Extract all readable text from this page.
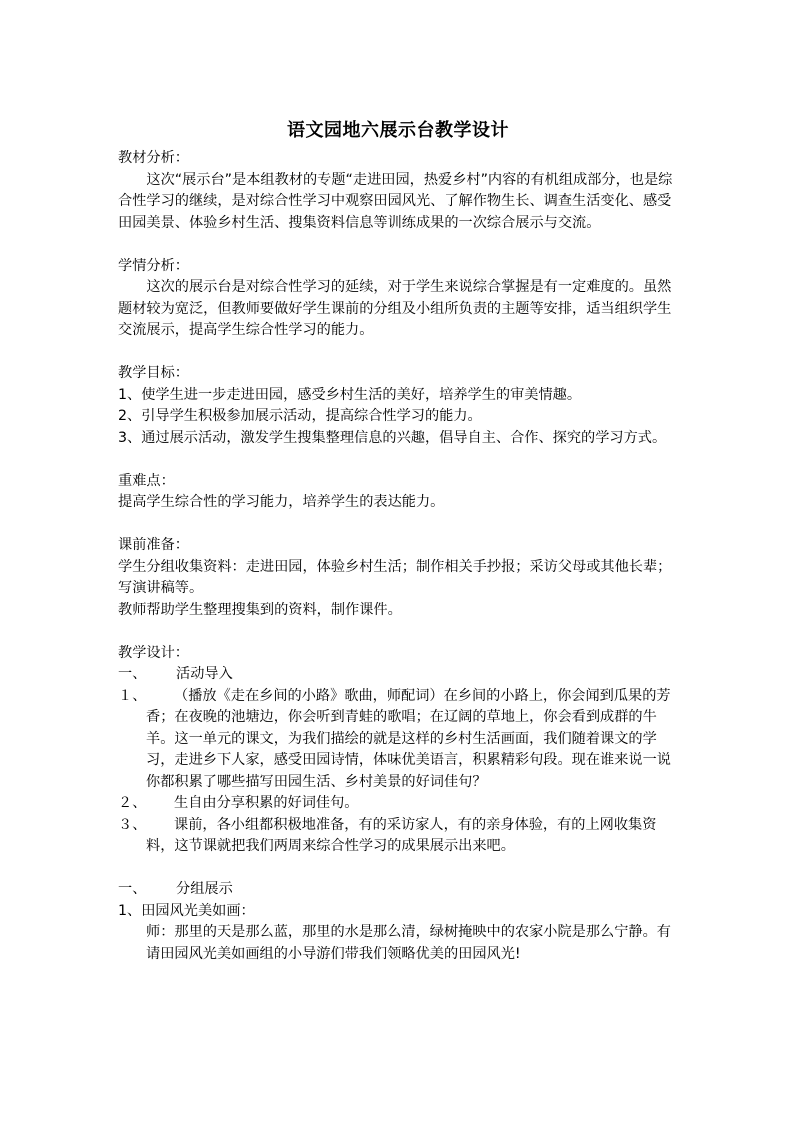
语文园地六展示台教学设计

教材分析：

这次“展示台”是本组教材的专题“走进田园，热爱乡村”内容的有机组成部分，也是综合性学习的继续，是对综合性学习中观察田园风光、了解作物生长、调查生活变化、感受田园美景、体验乡村生活、搜集资料信息等训练成果的一次综合展示与交流。

学情分析：

这次的展示台是对综合性学习的延续，对于学生来说综合掌握是有一定难度的。虽然题材较为宽泛，但教师要做好学生课前的分组及小组所负责的主题等安排，适当组织学生交流展示，提高学生综合性学习的能力。

教学目标：

1、使学生进一步走进田园，感受乡村生活的美好，培养学生的审美情趣。

2、引导学生积极参加展示活动，提高综合性学习的能力。

3、通过展示活动，激发学生搜集整理信息的兴趣，倡导自主、合作、探究的学习方式。

重难点：

提高学生综合性的学习能力，培养学生的表达能力。

课前准备：

学生分组收集资料：走进田园，体验乡村生活；制作相关手抄报；采访父母或其他长辈；写演讲稿等。

教师帮助学生整理搜集到的资料，制作课件。

教学设计：

一、 活动导入

１、 （播放《走在乡间的小路》歌曲，师配词）在乡间的小路上，你会闻到瓜果的芳香；在夜晚的池塘边，你会听到青蛙的歌唱；在辽阔的草地上，你会看到成群的牛羊。这一单元的课文，为我们描绘的就是这样的乡村生活画面，我们随着课文的学习，走进乡下人家，感受田园诗情，体味优美语言，积累精彩句段。现在谁来说一说你都积累了哪些描写田园生活、乡村美景的好词佳句？

２、 生自由分享积累的好词佳句。

３、 课前，各小组都积极地准备，有的采访家人，有的亲身体验，有的上网收集资料，这节课就把我们两周来综合性学习的成果展示出来吧。

一、 分组展示

1、田园风光美如画：

师：那里的天是那么蓝，那里的水是那么清，绿树掩映中的农家小院是那么宁静。有请田园风光美如画组的小导游们带我们领略优美的田园风光!
